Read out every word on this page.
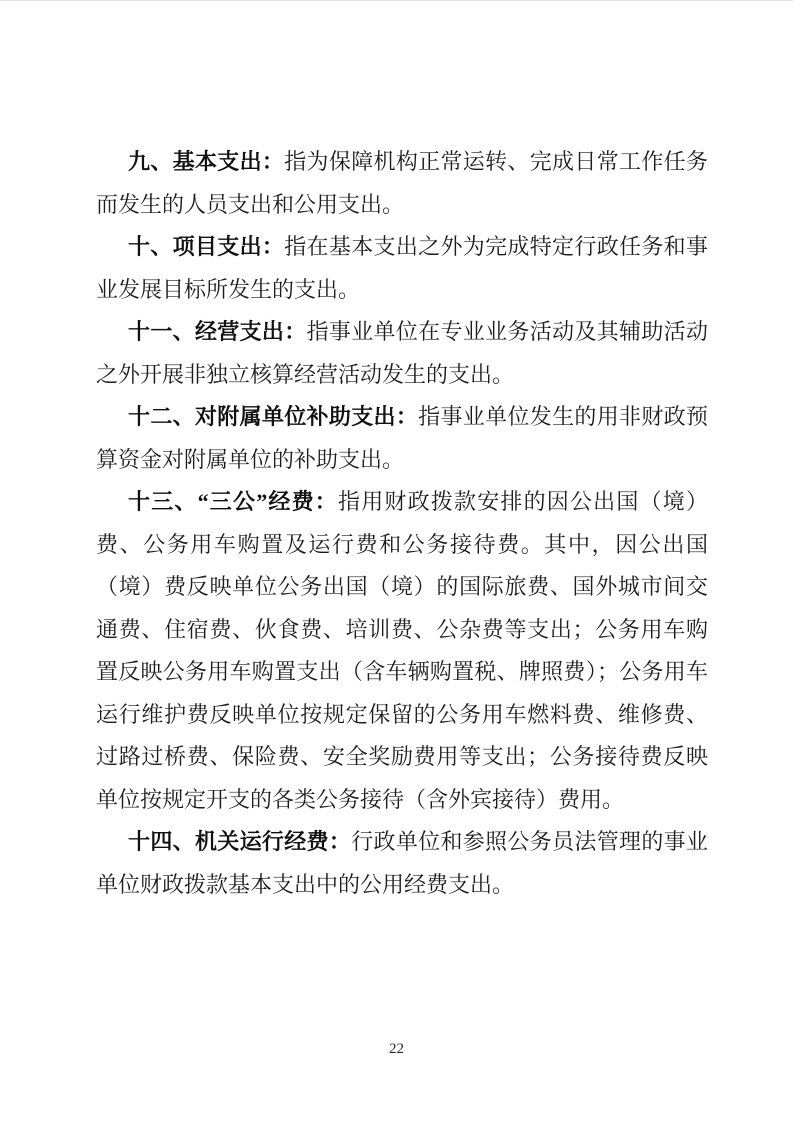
九、基本支出：指为保障机构正常运转、完成日常工作任务而发生的人员支出和公用支出。

十、项目支出：指在基本支出之外为完成特定行政任务和事业发展目标所发生的支出。

十一、经营支出：指事业单位在专业业务活动及其辅助活动之外开展非独立核算经营活动发生的支出。

十二、对附属单位补助支出：指事业单位发生的用非财政预算资金对附属单位的补助支出。

十三、“三公”经费：指用财政拨款安排的因公出国（境）费、公务用车购置及运行费和公务接待费。其中，因公出国（境）费反映单位公务出国（境）的国际旅费、国外城市间交通费、住宿费、伙食费、培训费、公杂费等支出；公务用车购置反映公务用车购置支出（含车辆购置税、牌照费）；公务用车运行维护费反映单位按规定保留的公务用车燃料费、维修费、过路过桥费、保险费、安全奖励费用等支出；公务接待费反映单位按规定开支的各类公务接待（含外宾接待）费用。

十四、机关运行经费：行政单位和参照公务员法管理的事业单位财政拨款基本支出中的公用经费支出。

22
